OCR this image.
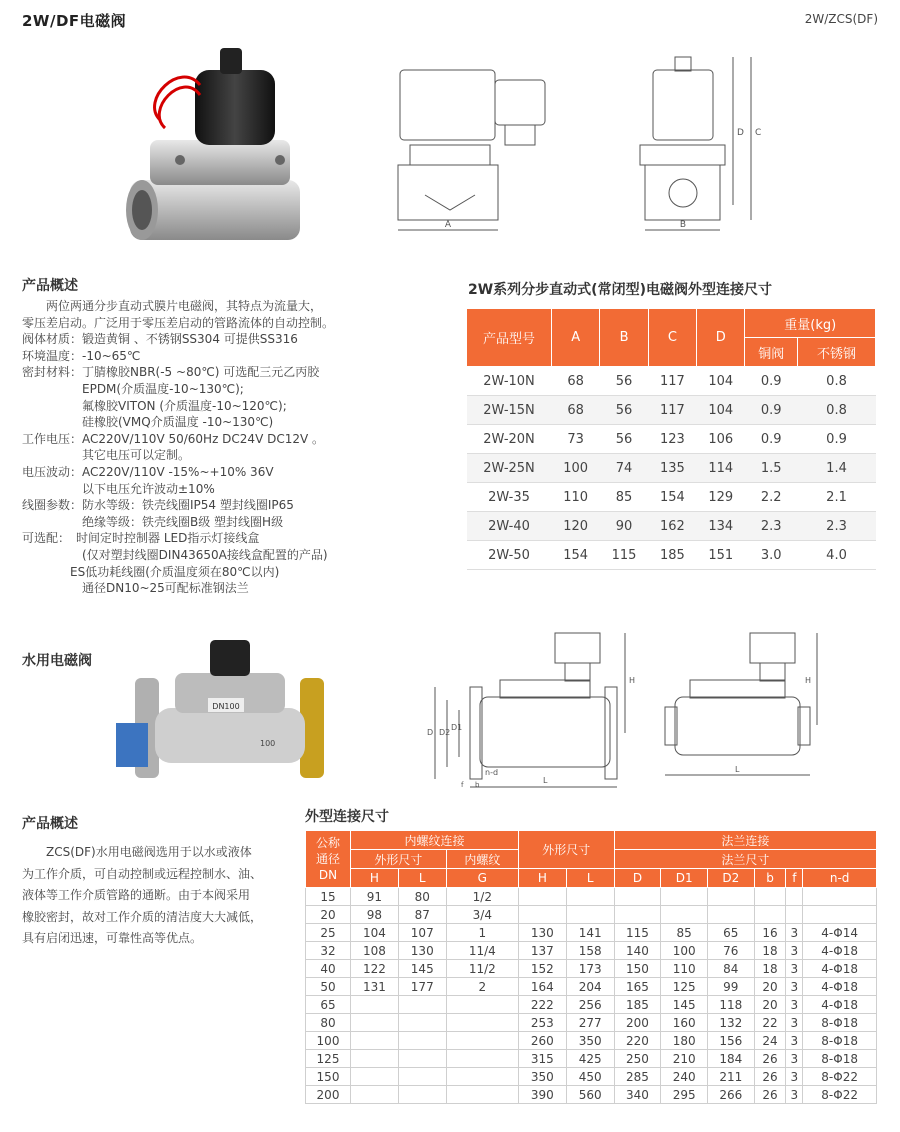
2W/DF电磁阀	2W/ZCS(DF)
A	B
D C
产品概述
　　两位两通分步直动式膜片电磁阀，其特点为流量大，
零压差启动。广泛用于零压差启动的管路流体的自动控制。
阀体材质：锻造黄铜 、不锈钢SS304 可提供SS316
环境温度：-10~65℃
密封材料：丁腈橡胶NBR(-5 ~80℃) 可选配三元乙丙胶
　　　　　EPDM(介质温度-10~130℃);
　　　　　氟橡胶VITON (介质温度-10~120℃);
　　　　　硅橡胶(VMQ介质温度 -10~130℃)
工作电压：AC220V/110V 50/60Hz DC24V DC12V 。
　　　　　其它电压可以定制。
电压波动：AC220V/110V -15%~+10% 36V
　　　　　以下电压允许波动±10%
线圈参数：防水等级：铁壳线圈IP54 塑封线圈IP65
　　　　　绝缘等级：铁壳线圈B级 塑封线圈H级
可选配：　时间定时控制器 LED指示灯接线盒
　　　　　(仅对塑封线圈DIN43650A接线盒配置的产品)
　　　　ES低功耗线圈(介质温度须在80℃以内)
　　　　　通径DN10~25可配标准钢法兰
2W系列分步直动式(常闭型)电磁阀外型连接尺寸
产品型号	A	B	C	D	重量(kg)	
					铜阀	不锈钢
2W-10N	68	56	117	104	0.9	0.8
2W-15N	68	56	117	104	0.9	0.8
2W-20N	73	56	123	106	0.9	0.9
2W-25N	100	74	135	114	1.5	1.4
2W-35	110	85	154	129	2.2	2.1
2W-40	120	90	162	134	2.3	2.3
2W-50	154	115	185	151	3.0	4.0
水用电磁阀
DN100
100
D D2
D1
n-d
L
H
b
f
L
H
产品概述
　　ZCS(DF)水用电磁阀选用于以水或液体
为工作介质，可自动控制或远程控制水、油、
液体等工作介质管路的通断。由于本阀采用
橡胶密封，故对工作介质的清洁度大大减低，
具有启闭迅速，可靠性高等优点。
外型连接尺寸
公称
通径
DN	内螺纹连接			外形尺寸		法兰连接					
	外形尺寸		内螺纹			法兰尺寸					
	H	L	G	H	L	D	D1	D2	b	f	n-d
15	91	80	1/2								
20	98	87	3/4								
25	104	107	1	130	141	115	85	65	16	3	4-Φ14
32	108	130	11/4	137	158	140	100	76	18	3	4-Φ18
40	122	145	11/2	152	173	150	110	84	18	3	4-Φ18
50	131	177	2	164	204	165	125	99	20	3	4-Φ18
65				222	256	185	145	118	20	3	4-Φ18
80				253	277	200	160	132	22	3	8-Φ18
100				260	350	220	180	156	24	3	8-Φ18
125				315	425	250	210	184	26	3	8-Φ18
150				350	450	285	240	211	26	3	8-Φ22
200				390	560	340	295	266	26	3	8-Φ22
